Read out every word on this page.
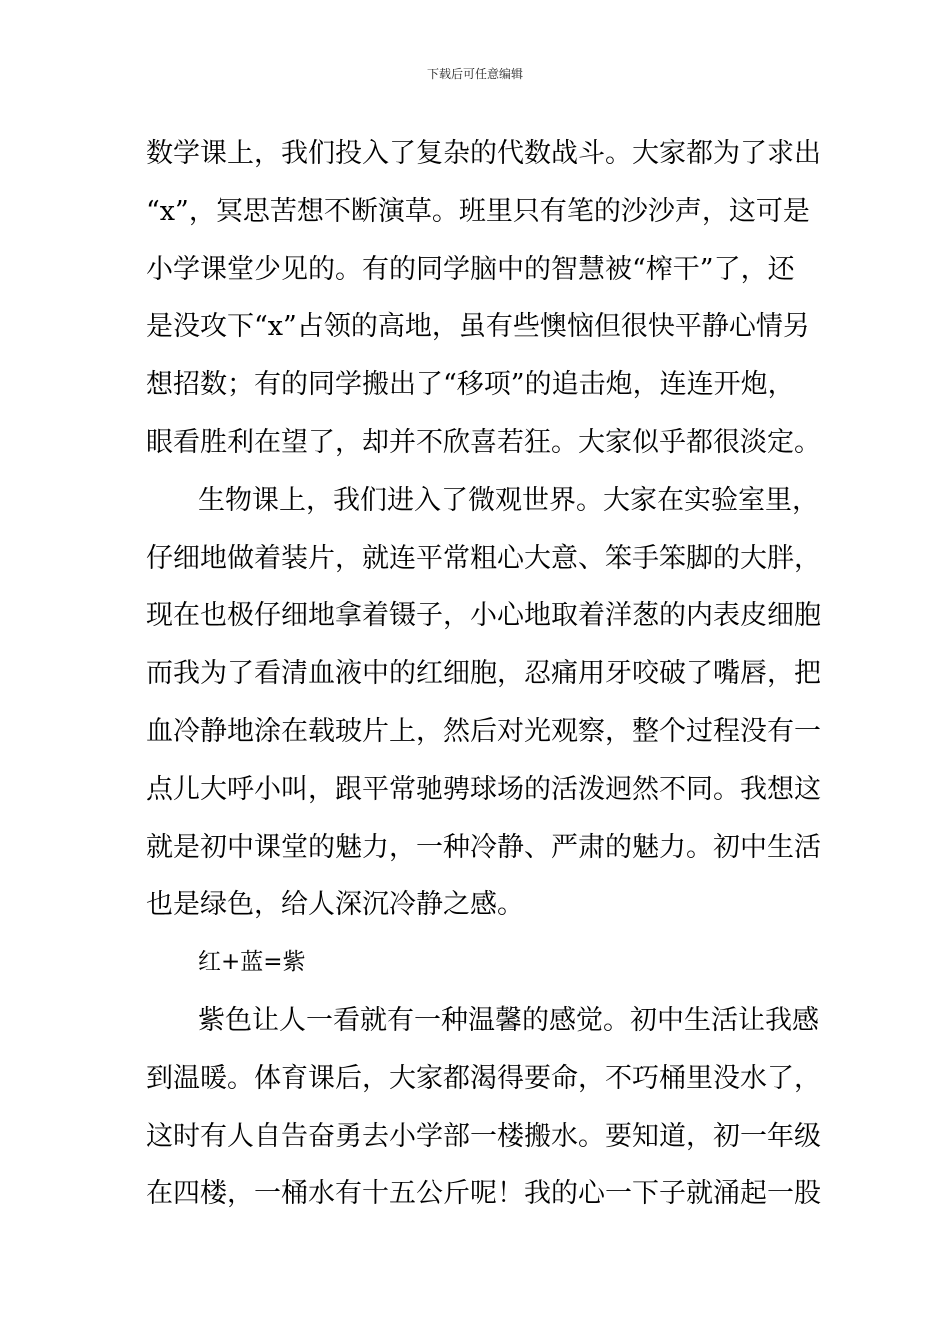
下载后可任意编辑
数学课上，我们投入了复杂的代数战斗。大家都为了求出
“x”，冥思苦想不断演草。班里只有笔的沙沙声，这可是
小学课堂少见的。有的同学脑中的智慧被“榨干”了，还
是没攻下“x”占领的高地，虽有些懊恼但很快平静心情另
想招数；有的同学搬出了“移项”的追击炮，连连开炮，
眼看胜利在望了，却并不欣喜若狂。大家似乎都很淡定。
生物课上，我们进入了微观世界。大家在实验室里，
仔细地做着装片，就连平常粗心大意、笨手笨脚的大胖，
现在也极仔细地拿着镊子，小心地取着洋葱的内表皮细胞
而我为了看清血液中的红细胞，忍痛用牙咬破了嘴唇，把
血冷静地涂在载玻片上，然后对光观察，整个过程没有一
点儿大呼小叫，跟平常驰骋球场的活泼迥然不同。我想这
就是初中课堂的魅力，一种冷静、严肃的魅力。初中生活
也是绿色，给人深沉冷静之感。
红+蓝=紫
紫色让人一看就有一种温馨的感觉。初中生活让我感
到温暖。体育课后，大家都渴得要命，不巧桶里没水了，
这时有人自告奋勇去小学部一楼搬水。要知道，初一年级
在四楼，一桶水有十五公斤呢！我的心一下子就涌起一股
